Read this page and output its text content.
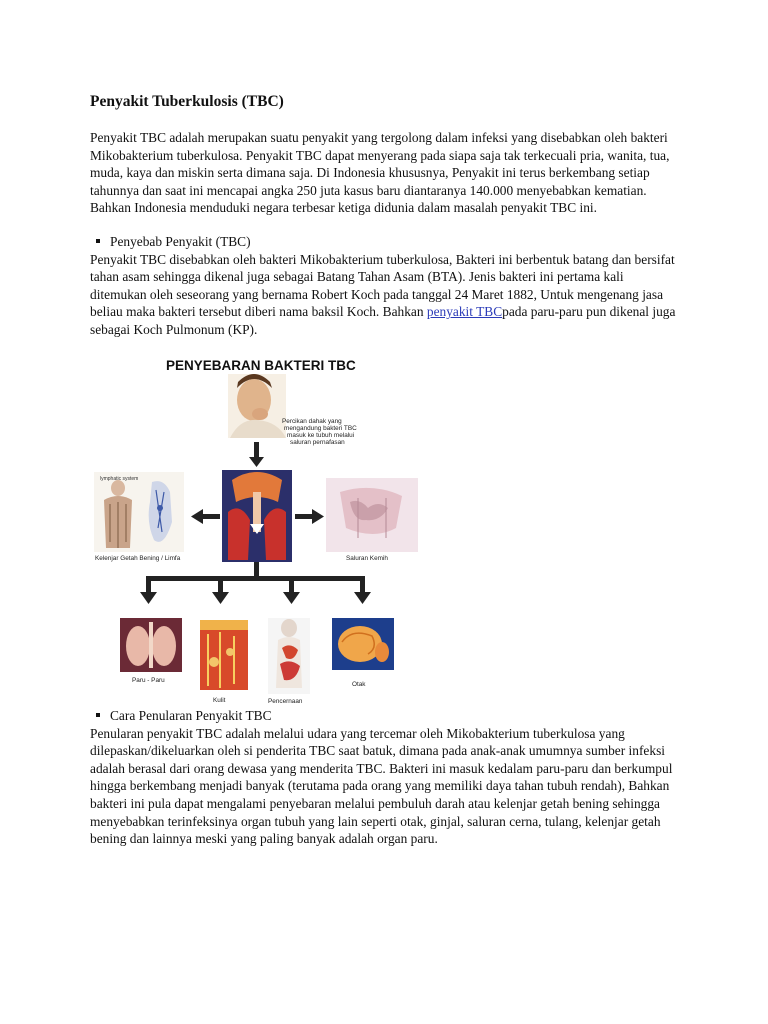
Penyakit Tuberkulosis (TBC)

Penyakit TBC adalah merupakan suatu penyakit yang tergolong dalam infeksi yang disebabkan oleh bakteri Mikobakterium tuberkulosa. Penyakit TBC dapat menyerang pada siapa saja tak terkecuali pria, wanita, tua, muda, kaya dan miskin serta dimana saja. Di Indonesia khususnya, Penyakit ini terus berkembang setiap tahunnya dan saat ini mencapai angka 250 juta kasus baru diantaranya 140.000 menyebabkan kematian. Bahkan Indonesia menduduki negara terbesar ketiga didunia dalam masalah penyakit TBC ini.

Penyebab Penyakit (TBC)

Penyakit TBC disebabkan oleh bakteri Mikobakterium tuberkulosa, Bakteri ini berbentuk batang dan bersifat tahan asam sehingga dikenal juga sebagai Batang Tahan Asam (BTA). Jenis bakteri ini pertama kali ditemukan oleh seseorang yang bernama Robert Koch pada tanggal 24 Maret 1882, Untuk mengenang jasa beliau maka bakteri tersebut diberi nama baksil Koch. Bahkan penyakit TBCpada paru-paru pun dikenal juga sebagai Koch Pulmonum (KP).

PENYEBARAN BAKTERI TBC
Percikan dahak yang
mengandung bakteri TBC
masuk ke tubuh melalui
saluran pernafasan
lymphatic system
Kelenjar Getah Bening / Limfa	Saluran Kemih
Paru - Paru
Kulit	Pencernaan
Otak
Cara Penularan Penyakit TBC

Penularan penyakit TBC adalah melalui udara yang tercemar oleh Mikobakterium tuberkulosa yang dilepaskan/dikeluarkan oleh si penderita TBC saat batuk, dimana pada anak-anak umumnya sumber infeksi adalah berasal dari orang dewasa yang menderita TBC. Bakteri ini masuk kedalam paru-paru dan berkumpul hingga berkembang menjadi banyak (terutama pada orang yang memiliki daya tahan tubuh rendah), Bahkan bakteri ini pula dapat mengalami penyebaran melalui pembuluh darah atau kelenjar getah bening sehingga menyebabkan terinfeksinya organ tubuh yang lain seperti otak, ginjal, saluran cerna, tulang, kelenjar getah bening dan lainnya meski yang paling banyak adalah organ paru.
